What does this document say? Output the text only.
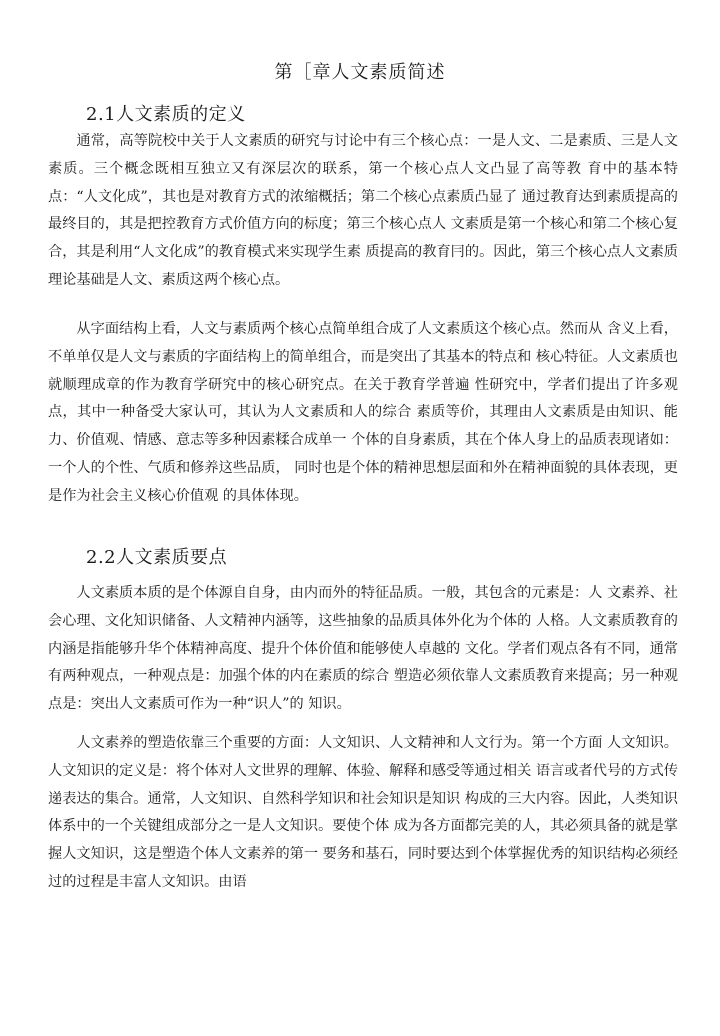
第［章人文素质简述
2.1人文素质的定义

通常，高等院校中关于人文素质的研究与讨论中有三个核心点：一是人文、二是素质、三是人文素质。三个概念既相互独立又有深层次的联系，第一个核心点人文凸显了高等教 育中的基本特点：“人文化成”，其也是对教育方式的浓缩概括；第二个核心点素质凸显了 通过教育达到素质提高的最终目的，其是把控教育方式价值方向的标度；第三个核心点人 文素质是第一个核心和第二个核心复合，其是利用“人文化成”的教育模式来实现学生素 质提高的教育冃的。因此，第三个核心点人文素质理论基础是人文、素质这两个核心点。

从字面结构上看，人文与素质两个核心点简单组合成了人文素质这个核心点。然而从 含义上看，不单单仅是人文与素质的字面结构上的简单组合，而是突出了其基本的特点和 核心特征。人文素质也就顺理成章的作为教育学研究中的核心研究点。在关于教育学普遍 性研究中，学者们提出了许多观点，其中一种备受大家认可，其认为人文素质和人的综合 素质等价，其理由人文素质是由知识、能力、价值观、情感、意志等多种因素糅合成单一 个体的自身素质，其在个体人身上的品质表现诸如：一个人的个性、气质和修养这些品质， 同时也是个体的精神思想层面和外在精神面貌的具体表现，更是作为社会主义核心价值观 的具体体现。

2.2人文素质要点

人文素质本质的是个体源自自身，由内而外的特征品质。一般，其包含的元素是：人 文素养、社会心理、文化知识储备、人文精神内涵等，这些抽象的品质具体外化为个体的 人格。人文素质教育的内涵是指能够升华个体精神高度、提升个体价值和能够使人卓越的 文化。学者们观点各有不同，通常有两种观点，一种观点是：加强个体的内在素质的综合 塑造必须依靠人文素质教育来提高；另一种观点是：突出人文素质可作为一种“识人”的 知识。

人文素养的塑造依靠三个重要的方面：人文知识、人文精神和人文行为。第一个方面 人文知识。人文知识的定义是：将个体对人文世界的理解、体验、解释和感受等通过相关 语言或者代号的方式传递表达的集合。通常，人文知识、自然科学知识和社会知识是知识 构成的三大内容。因此，人类知识体系中的一个关键组成部分之一是人文知识。要使个体 成为各方面都完美的人，其必须具备的就是掌握人文知识，这是塑造个体人文素养的第一 要务和基石，同时要达到个体掌握优秀的知识结构必须经过的过程是丰富人文知识。由语
